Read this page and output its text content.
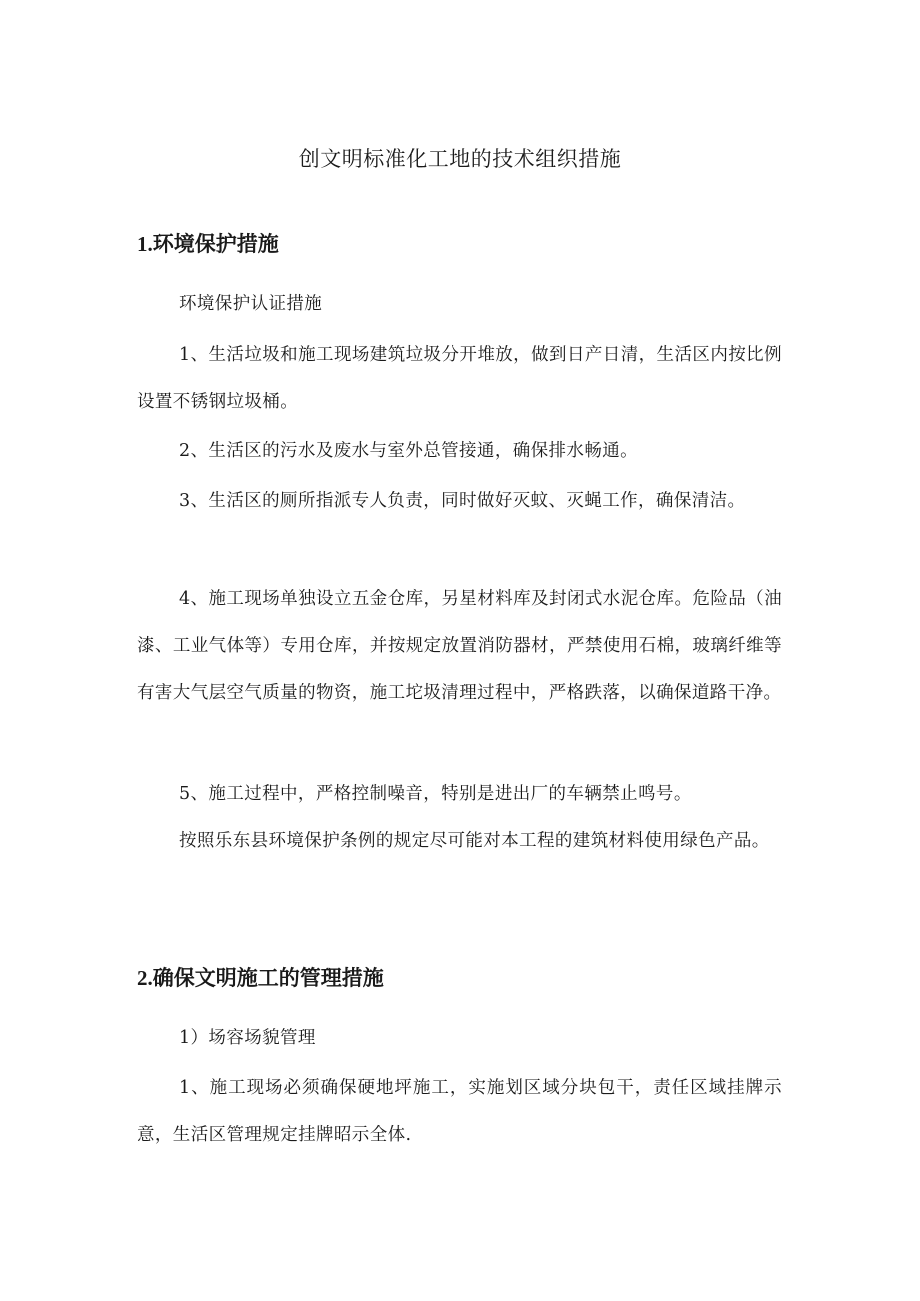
创文明标准化工地的技术组织措施
1.环境保护措施

环境保护认证措施

1、生活垃圾和施工现场建筑垃圾分开堆放，做到日产日清，生活区内按比例设置不锈钢垃圾桶。

2、生活区的污水及废水与室外总管接通，确保排水畅通。

3、生活区的厕所指派专人负责，同时做好灭蚊、灭蝇工作，确保清洁。

4、施工现场单独设立五金仓库，另星材料库及封闭式水泥仓库。危险品（油漆、工业气体等）专用仓库，并按规定放置消防器材，严禁使用石棉，玻璃纤维等有害大气层空气质量的物资，施工坨圾清理过程中，严格跌落，以确保道路干净。

5、施工过程中，严格控制噪音，特别是进出厂的车辆禁止鸣号。

按照乐东县环境保护条例的规定尽可能对本工程的建筑材料使用绿色产品。

2.确保文明施工的管理措施

1）场容场貌管理

1、施工现场必须确保硬地坪施工，实施划区域分块包干，责任区域挂牌示意，生活区管理规定挂牌昭示全体.
